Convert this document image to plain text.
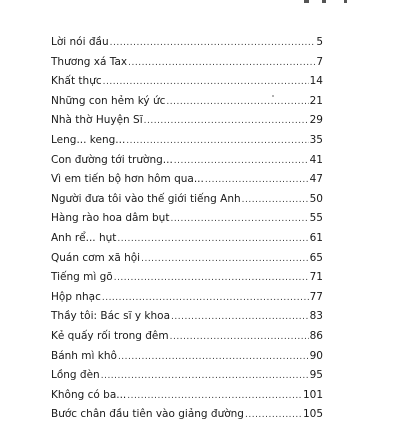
Lời nói đầu .....	5
Thương xá Tax .....	7
Khất thực .....	14
Những con hẻm ký ức .....	21
Nhà thờ Huyện Sĩ .....	29
Leng... keng... .....	35
Con đường tới trường... .....	41
Vì em tiến bộ hơn hôm qua... .....	47
Người đưa tôi vào thế giới tiếng Anh .....	50
Hàng rào hoa dâm bụt .....	55
Anh rể... hụt .....	61
Quán cơm xã hội .....	65
Tiếng mì gõ .....	71
Hộp nhạc .....	77
Thầy tôi: Bác sĩ y khoa .....	83
Kẻ quấy rối trong đêm .....	86
Bánh mì khô .....	90
Lồng đèn .....	95
Không có ba... .....	101
Bước chân đầu tiên vào giảng đường .....	105
